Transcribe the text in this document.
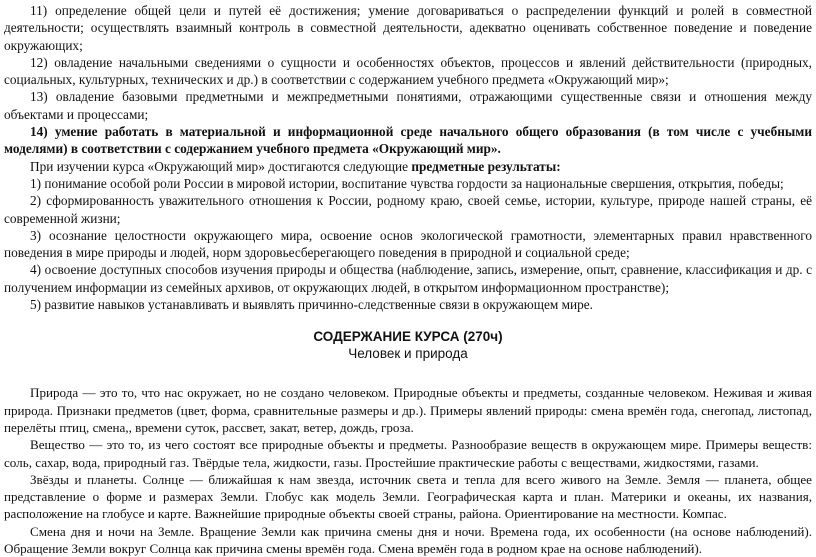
11) определение общей цели и путей её достижения; умение договариваться о распределении функций и ролей в совместной деятельности; осуществлять взаимный контроль в совместной деятельности, адекватно оценивать собственное поведение и поведение окружающих;

12) овладение начальными сведениями о сущности и особенностях объектов, процессов и явлений действительности (природных, социальных, культурных, технических и др.) в соответствии с содержанием учебного предмета «Окружающий мир»;

13) овладение базовыми предметными и межпредметными понятиями, отражающими существенные связи и отношения между объектами и процессами;

14) умение работать в материальной и информационной среде начального общего образования (в том числе с учебными моделями) в соответствии с содержанием учебного предмета «Окружающий мир».

При изучении курса «Окружающий мир» достигаются следующие предметные результаты:

1) понимание особой роли России в мировой истории, воспитание чувства гордости за национальные свершения, открытия, победы;

2) сформированность уважительного отношения к России, родному краю, своей семье, истории, культуре, природе нашей страны, её современной жизни;

3) осознание целостности окружающего мира, освоение основ экологической грамотности, элементарных правил нравственного поведения в мире природы и людей, норм здоровьесберегающего поведения в природной и социальной среде;

4) освоение доступных способов изучения природы и общества (наблюдение, запись, измерение, опыт, сравнение, классификация и др. с получением информации из семейных архивов, от окружающих людей, в открытом информационном пространстве);

5) развитие навыков устанавливать и выявлять причинно-следственные связи в окружающем мире.

СОДЕРЖАНИЕ КУРСА (270ч)
Человек и природа

Природа — это то, что нас окружает, но не создано человеком. Природные объекты и предметы, созданные человеком. Неживая и живая природа. Признаки предметов (цвет, форма, сравнительные размеры и др.). Примеры явлений природы: смена времён года, снегопад, листопад, перелёты птиц, смена,, времени суток, рассвет, закат, ветер, дождь, гроза.

Вещество — это то, из чего состоят все природные объекты и предметы. Разнообразие веществ в окружающем мире. Примеры веществ: соль, сахар, вода, природный газ. Твёрдые тела, жидкости, газы. Простейшие практические работы с веществами, жидкостями, газами.

Звёзды и планеты. Солнце — ближайшая к нам звезда, источник света и тепла для всего живого на Земле. Земля — планета, общее представление о форме и размерах Земли. Глобус как модель Земли. Географическая карта и план. Материки и океаны, их названия, расположение на глобусе и карте. Важнейшие природные объекты своей страны, района. Ориентирование на местности. Компас.

Смена дня и ночи на Земле. Вращение Земли как причина смены дня и ночи. Времена года, их особенности (на основе наблюдений). Обращение Земли вокруг Солнца как причина смены времён года. Смена времён года в родном крае на основе наблюдений).
